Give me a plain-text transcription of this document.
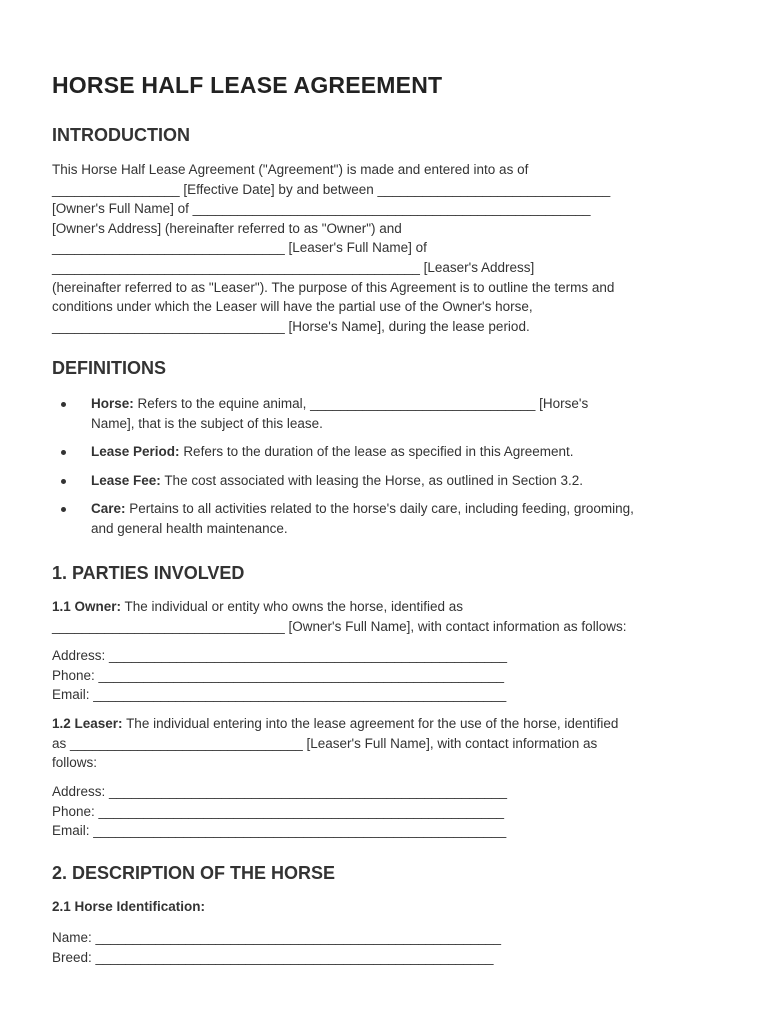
HORSE HALF LEASE AGREEMENT
INTRODUCTION
This Horse Half Lease Agreement ("Agreement") is made and entered into as of
_________________ [Effective Date] by and between _______________________________
[Owner's Full Name] of _____________________________________________________
[Owner's Address] (hereinafter referred to as "Owner") and
_______________________________ [Leaser's Full Name] of
_________________________________________________ [Leaser's Address]
(hereinafter referred to as "Leaser"). The purpose of this Agreement is to outline the terms and
conditions under which the Leaser will have the partial use of the Owner's horse,
_______________________________ [Horse's Name], during the lease period.
DEFINITIONS
Horse: Refers to the equine animal, ______________________________ [Horse's
Name], that is the subject of this lease.
Lease Period: Refers to the duration of the lease as specified in this Agreement.
Lease Fee: The cost associated with leasing the Horse, as outlined in Section 3.2.
Care: Pertains to all activities related to the horse's daily care, including feeding, grooming,
and general health maintenance.
1. PARTIES INVOLVED
1.1 Owner: The individual or entity who owns the horse, identified as
_______________________________ [Owner's Full Name], with contact information as follows:
Address: _____________________________________________________
Phone: ______________________________________________________
Email: _______________________________________________________
1.2 Leaser: The individual entering into the lease agreement for the use of the horse, identified
as _______________________________ [Leaser's Full Name], with contact information as
follows:
Address: _____________________________________________________
Phone: ______________________________________________________
Email: _______________________________________________________
2. DESCRIPTION OF THE HORSE

2.1 Horse Identification:

Name: ______________________________________________________
Breed: _____________________________________________________
